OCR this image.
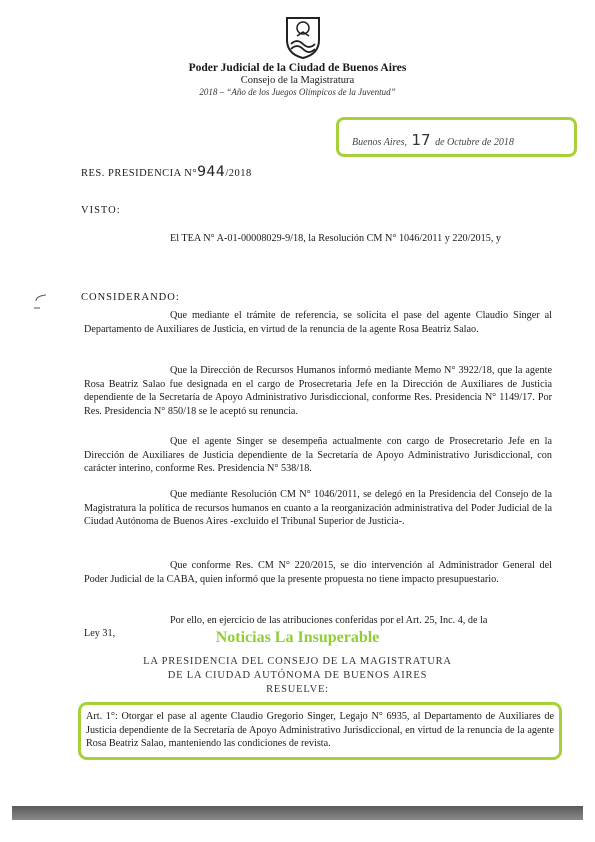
Poder Judicial de la Ciudad de Buenos Aires
Consejo de la Magistratura
2018 – “Año de los Juegos Olímpicos de la Juventud”
Buenos Aires, 17 de Octubre de 2018
RES. PRESIDENCIA N°944/2018
VISTO:
El TEA N° A-01-00008029-9/18, la Resolución CM N° 1046/2011 y 220/2015, y
CONSIDERANDO:
Que mediante el trámite de referencia, se solicita el pase del agente Claudio Singer al Departamento de Auxiliares de Justicia, en virtud de la renuncia de la agente Rosa Beatriz Salao.
Que la Dirección de Recursos Humanos informó mediante Memo N° 3922/18, que la agente Rosa Beatriz Salao fue designada en el cargo de Prosecretaria Jefe en la Dirección de Auxiliares de Justicia dependiente de la Secretaría de Apoyo Administrativo Jurisdiccional, conforme Res. Presidencia N° 1149/17. Por Res. Presidencia N° 850/18 se le aceptó su renuncia.
Que el agente Singer se desempeña actualmente con cargo de Prosecretario Jefe en la Dirección de Auxiliares de Justicia dependiente de la Secretaría de Apoyo Administrativo Jurisdiccional, con carácter interino, conforme Res. Presidencia N° 538/18.
Que mediante Resolución CM N° 1046/2011, se delegó en la Presidencia del Consejo de la Magistratura la política de recursos humanos en cuanto a la reorganización administrativa del Poder Judicial de la Ciudad Autónoma de Buenos Aires -excluido el Tribunal Superior de Justicia-.
Que conforme Res. CM N° 220/2015, se dio intervención al Administrador General del Poder Judicial de la CABA, quien informó que la presente propuesta no tiene impacto presupuestario.
Por ello, en ejercicio de las atribuciones conferidas por el Art. 25, Inc. 4, de la
Ley 31,	Noticias La Insuperable
LA PRESIDENCIA DEL CONSEJO DE LA MAGISTRATURA
DE LA CIUDAD AUTÓNOMA DE BUENOS AIRES
RESUELVE:
Art. 1°: Otorgar el pase al agente Claudio Gregorio Singer, Legajo N° 6935, al Departamento de Auxiliares de Justicia dependiente de la Secretaría de Apoyo Administrativo Jurisdiccional, en virtud de la renuncia de la agente Rosa Beatriz Salao, manteniendo las condiciones de revista.
